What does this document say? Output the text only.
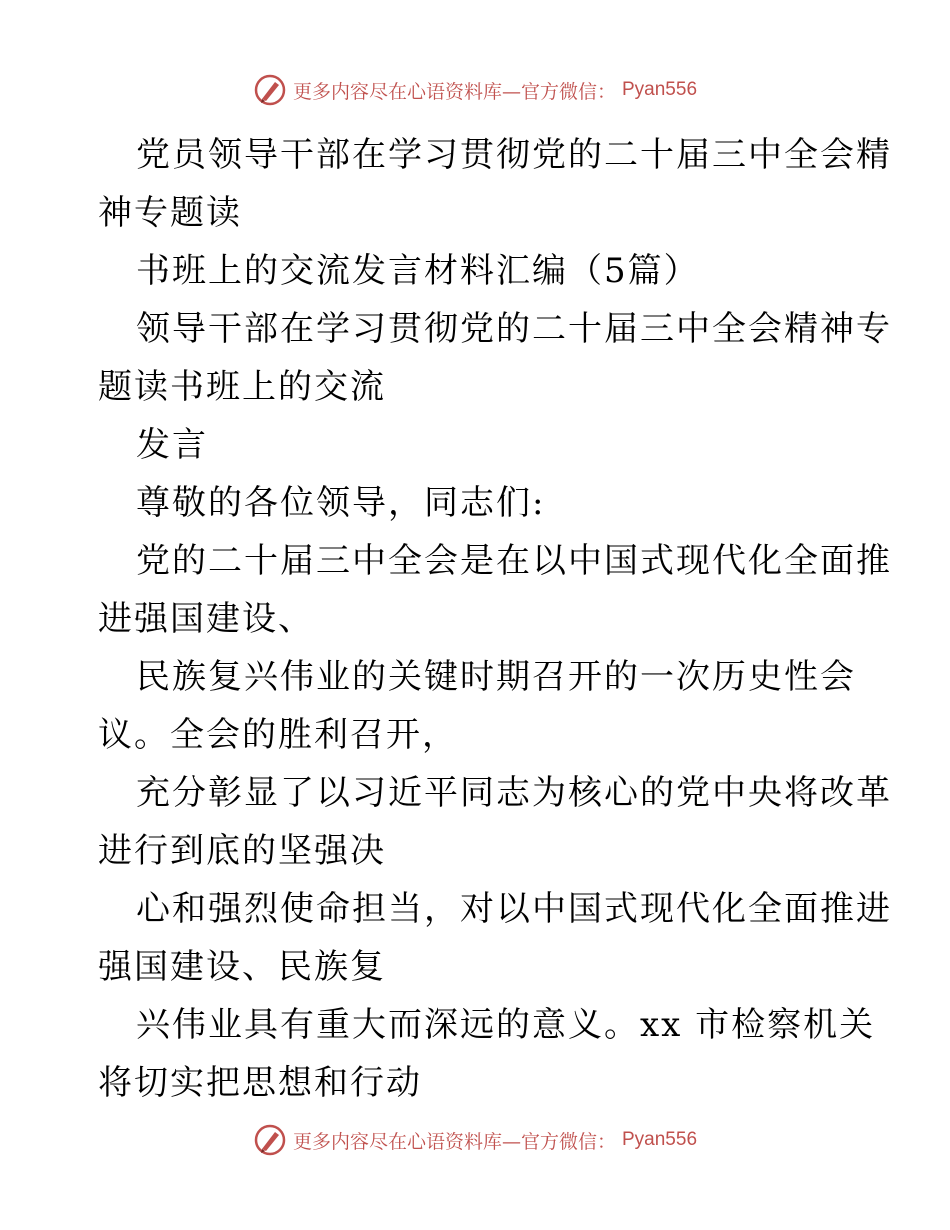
更多内容尽在心语资料库—官方微信： Pyan556
党员领导干部在学习贯彻党的二十届三中全会精
神专题读
书班上的交流发言材料汇编（5篇）
领导干部在学习贯彻党的二十届三中全会精神专
题读书班上的交流
发言
尊敬的各位领导，同志们:
党的二十届三中全会是在以中国式现代化全面推
进强国建设、
民族复兴伟业的关键时期召开的一次历史性会
议。全会的胜利召开，
充分彰显了以习近平同志为核心的党中央将改革
进行到底的坚强决
心和强烈使命担当，对以中国式现代化全面推进
强国建设、民族复
兴伟业具有重大而深远的意义。xx 市检察机关
将切实把思想和行动
更多内容尽在心语资料库—官方微信： Pyan556
